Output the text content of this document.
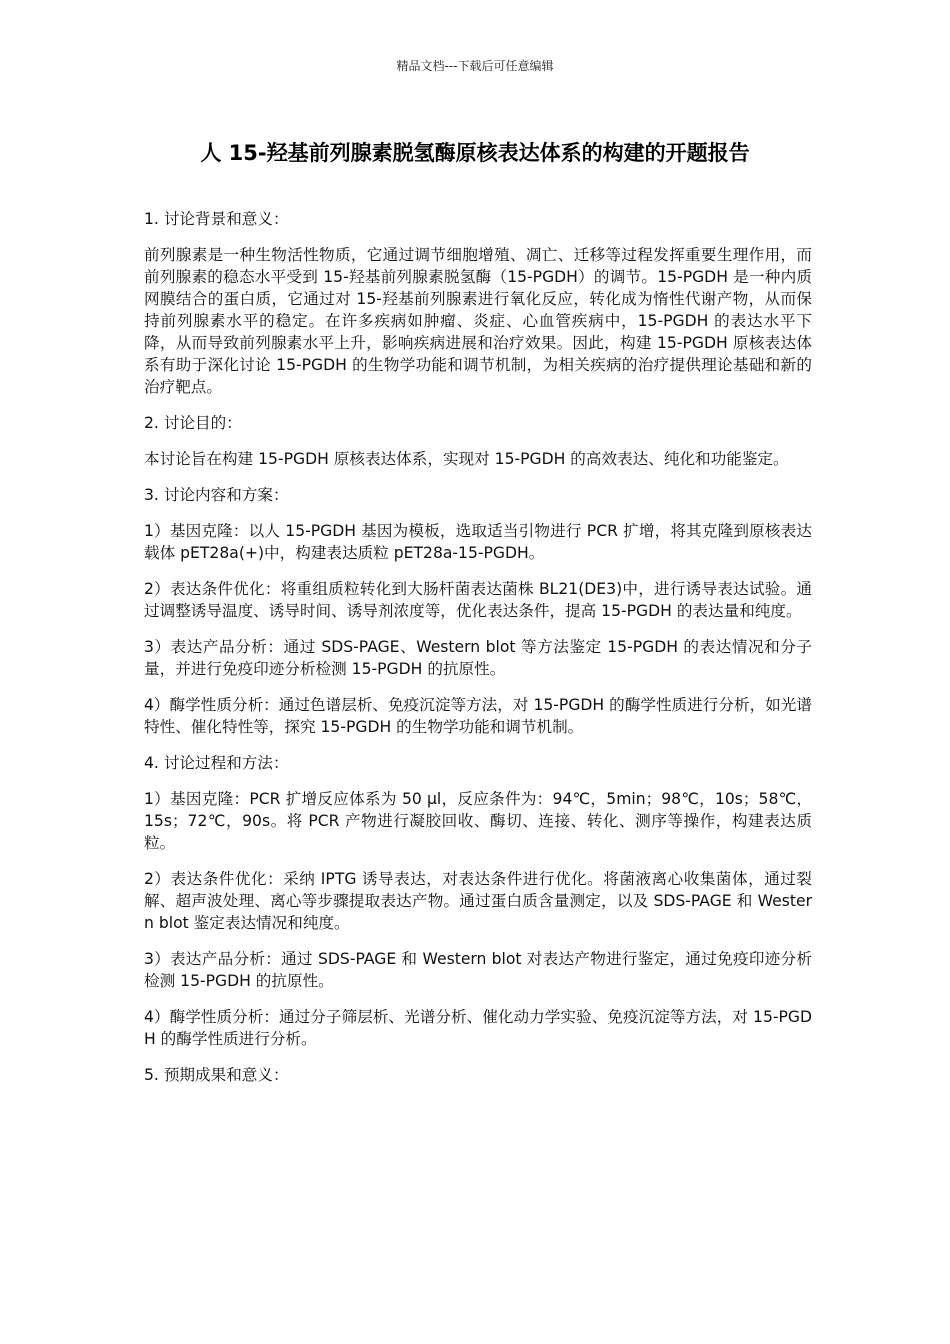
精品文档---下载后可任意编辑
人 15-羟基前列腺素脱氢酶原核表达体系的构建的开题报告
1. 讨论背景和意义：

前列腺素是一种生物活性物质，它通过调节细胞增殖、凋亡、迁移等过程发挥重要生理作用，而前列腺素的稳态水平受到 15-羟基前列腺素脱氢酶（15-PGDH）的调节。15-PGDH 是一种内质网膜结合的蛋白质，它通过对 15-羟基前列腺素进行氧化反应，转化成为惰性代谢产物，从而保持前列腺素水平的稳定。在许多疾病如肿瘤、炎症、心血管疾病中，15-PGDH 的表达水平下降，从而导致前列腺素水平上升，影响疾病进展和治疗效果。因此，构建 15-PGDH 原核表达体系有助于深化讨论 15-PGDH 的生物学功能和调节机制，为相关疾病的治疗提供理论基础和新的治疗靶点。

2. 讨论目的：

本讨论旨在构建 15-PGDH 原核表达体系，实现对 15-PGDH 的高效表达、纯化和功能鉴定。

3. 讨论内容和方案：

1）基因克隆：以人 15-PGDH 基因为模板，选取适当引物进行 PCR 扩增，将其克隆到原核表达载体 pET28a(+)中，构建表达质粒 pET28a-15-PGDH。

2）表达条件优化：将重组质粒转化到大肠杆菌表达菌株 BL21(DE3)中，进行诱导表达试验。通过调整诱导温度、诱导时间、诱导剂浓度等，优化表达条件，提高 15-PGDH 的表达量和纯度。

3）表达产品分析：通过 SDS-PAGE、Western blot 等方法鉴定 15-PGDH 的表达情况和分子量，并进行免疫印迹分析检测 15-PGDH 的抗原性。

4）酶学性质分析：通过色谱层析、免疫沉淀等方法，对 15-PGDH 的酶学性质进行分析，如光谱特性、催化特性等，探究 15-PGDH 的生物学功能和调节机制。

4. 讨论过程和方法：

1）基因克隆：PCR 扩增反应体系为 50 μl，反应条件为：94℃，5min；98℃，10s；58℃，15s；72℃，90s。将 PCR 产物进行凝胶回收、酶切、连接、转化、测序等操作，构建表达质粒。

2）表达条件优化：采纳 IPTG 诱导表达，对表达条件进行优化。将菌液离心收集菌体，通过裂解、超声波处理、离心等步骤提取表达产物。通过蛋白质含量测定，以及 SDS-PAGE 和 Western blot 鉴定表达情况和纯度。

3）表达产品分析：通过 SDS-PAGE 和 Western blot 对表达产物进行鉴定，通过免疫印迹分析检测 15-PGDH 的抗原性。

4）酶学性质分析：通过分子筛层析、光谱分析、催化动力学实验、免疫沉淀等方法，对 15-PGDH 的酶学性质进行分析。

5. 预期成果和意义：
